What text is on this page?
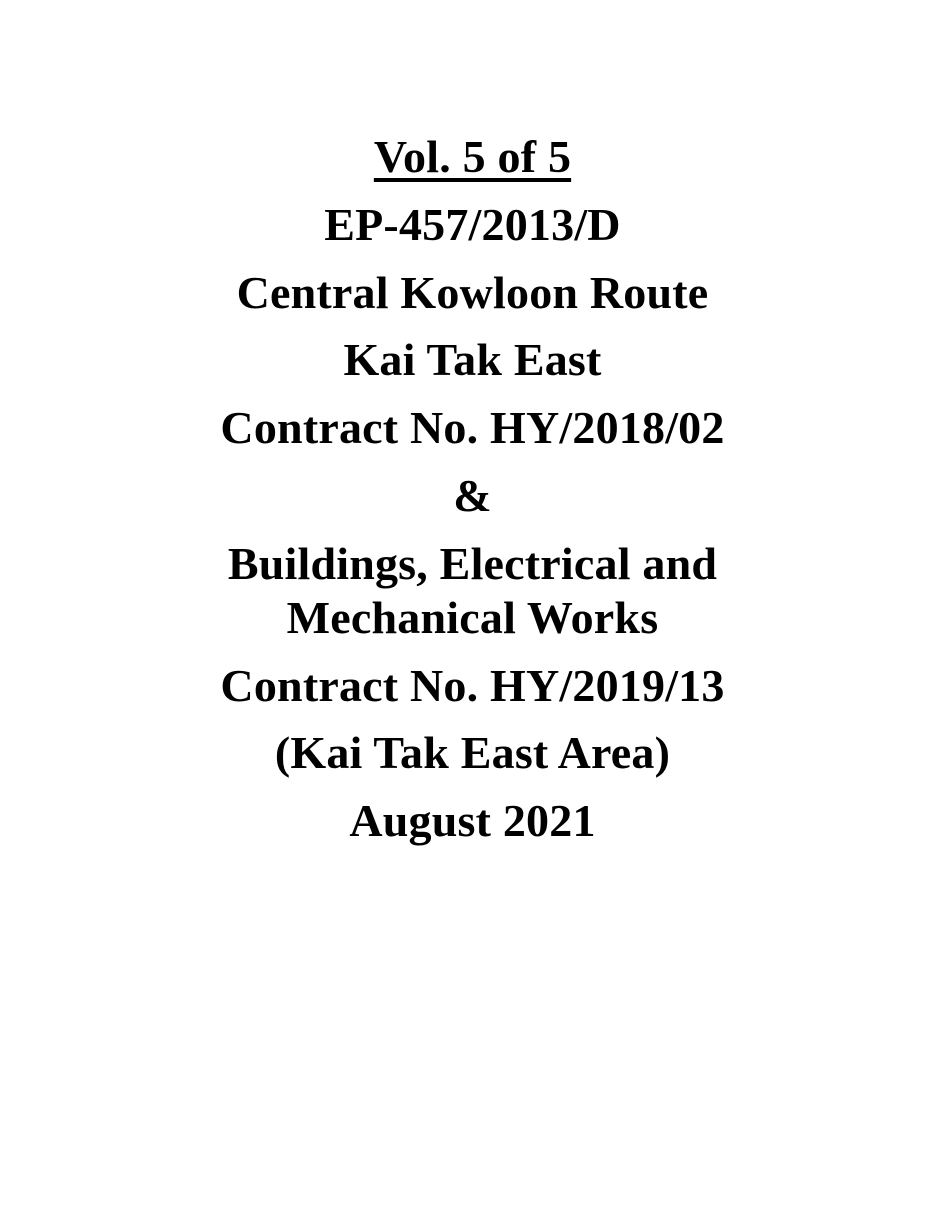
Vol. 5 of 5
EP-457/2013/D
Central Kowloon Route
Kai Tak East
Contract No. HY/2018/02
&
Buildings, Electrical and
Mechanical Works
Contract No. HY/2019/13
(Kai Tak East Area)
August 2021
